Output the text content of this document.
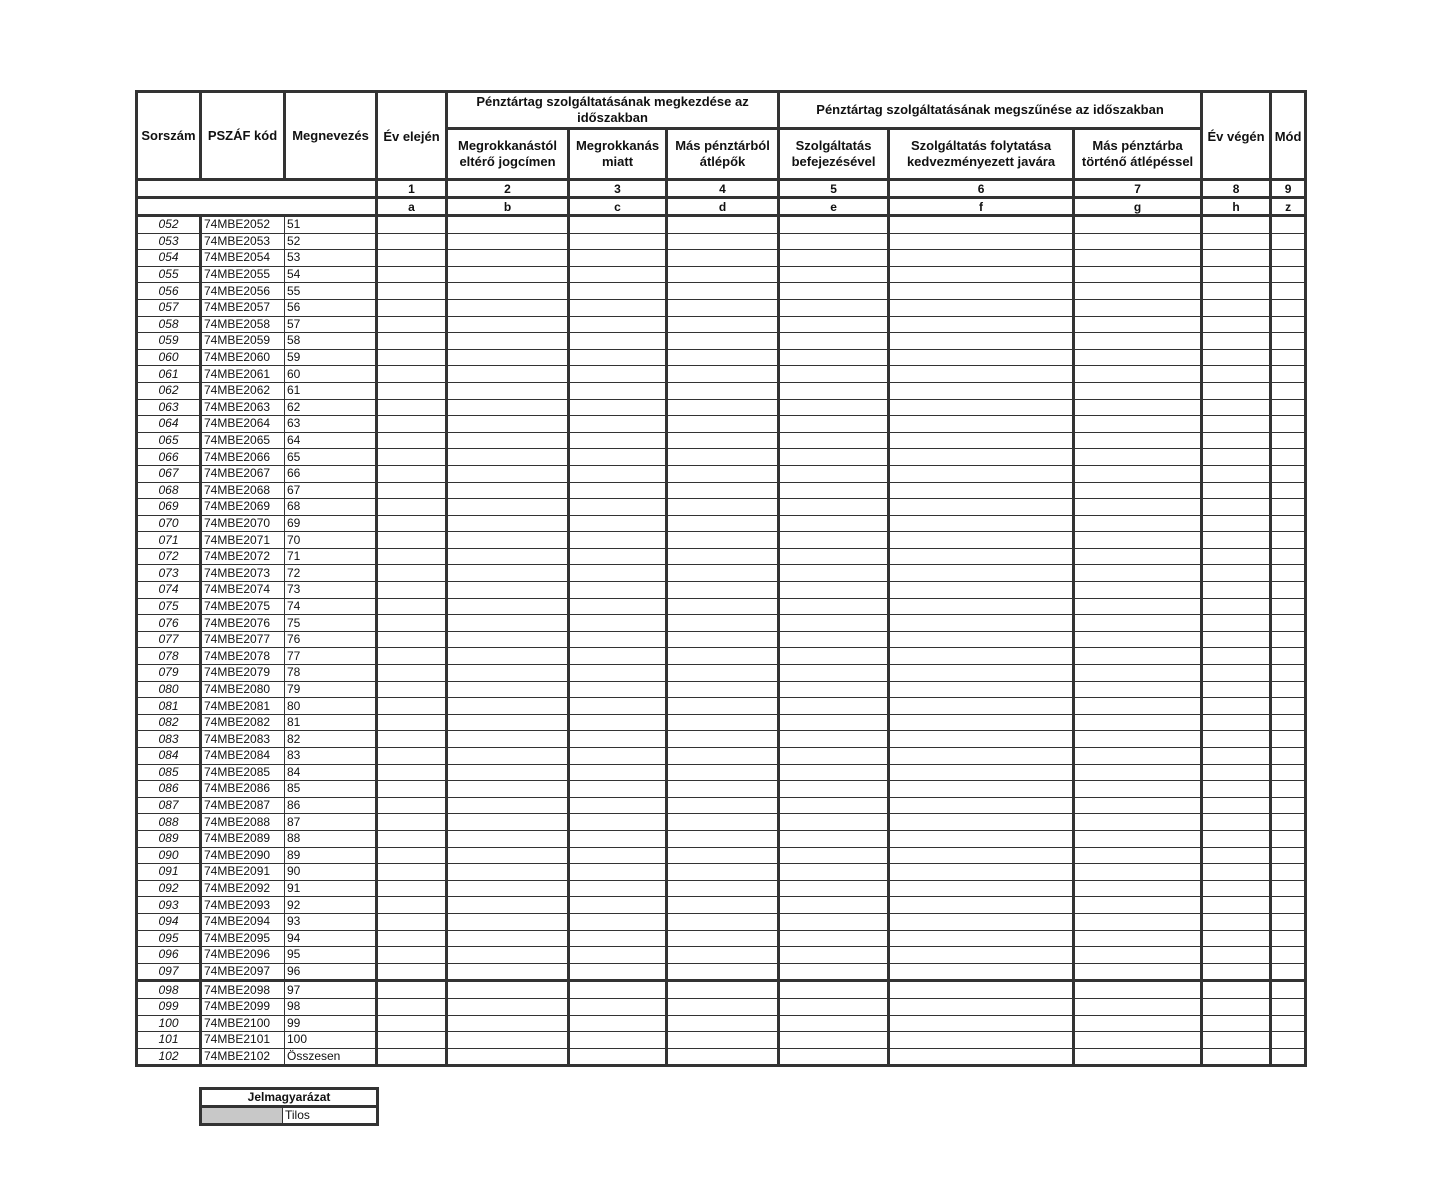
Sorszám	PSZÁF kód	Megnevezés	Év elején	Pénztártag szolgáltatásának megkezdése az időszakban			Pénztártag szolgáltatásának megszűnése az időszakban			Év végén	Mód
				Megrokkanástól eltérő jogcímen	Megrokkanás miatt	Más pénztárból átlépők	Szolgáltatás befejezésével	Szolgáltatás folytatása kedvezményezett javára	Más pénztárba történő átlépéssel		
			1	2	3	4	5	6	7	8	9
			a	b	c	d	e	f	g	h	z
052	74MBE2052	51									
053	74MBE2053	52									
054	74MBE2054	53									
055	74MBE2055	54									
056	74MBE2056	55									
057	74MBE2057	56									
058	74MBE2058	57									
059	74MBE2059	58									
060	74MBE2060	59									
061	74MBE2061	60									
062	74MBE2062	61									
063	74MBE2063	62									
064	74MBE2064	63									
065	74MBE2065	64									
066	74MBE2066	65									
067	74MBE2067	66									
068	74MBE2068	67									
069	74MBE2069	68									
070	74MBE2070	69									
071	74MBE2071	70									
072	74MBE2072	71									
073	74MBE2073	72									
074	74MBE2074	73									
075	74MBE2075	74									
076	74MBE2076	75									
077	74MBE2077	76									
078	74MBE2078	77									
079	74MBE2079	78									
080	74MBE2080	79									
081	74MBE2081	80									
082	74MBE2082	81									
083	74MBE2083	82									
084	74MBE2084	83									
085	74MBE2085	84									
086	74MBE2086	85									
087	74MBE2087	86									
088	74MBE2088	87									
089	74MBE2089	88									
090	74MBE2090	89									
091	74MBE2091	90									
092	74MBE2092	91									
093	74MBE2093	92									
094	74MBE2094	93									
095	74MBE2095	94									
096	74MBE2096	95									
097	74MBE2097	96									
098	74MBE2098	97									
099	74MBE2099	98									
100	74MBE2100	99									
101	74MBE2101	100									
102	74MBE2102	Összesen									
Jelmagyarázat
	Tilos
